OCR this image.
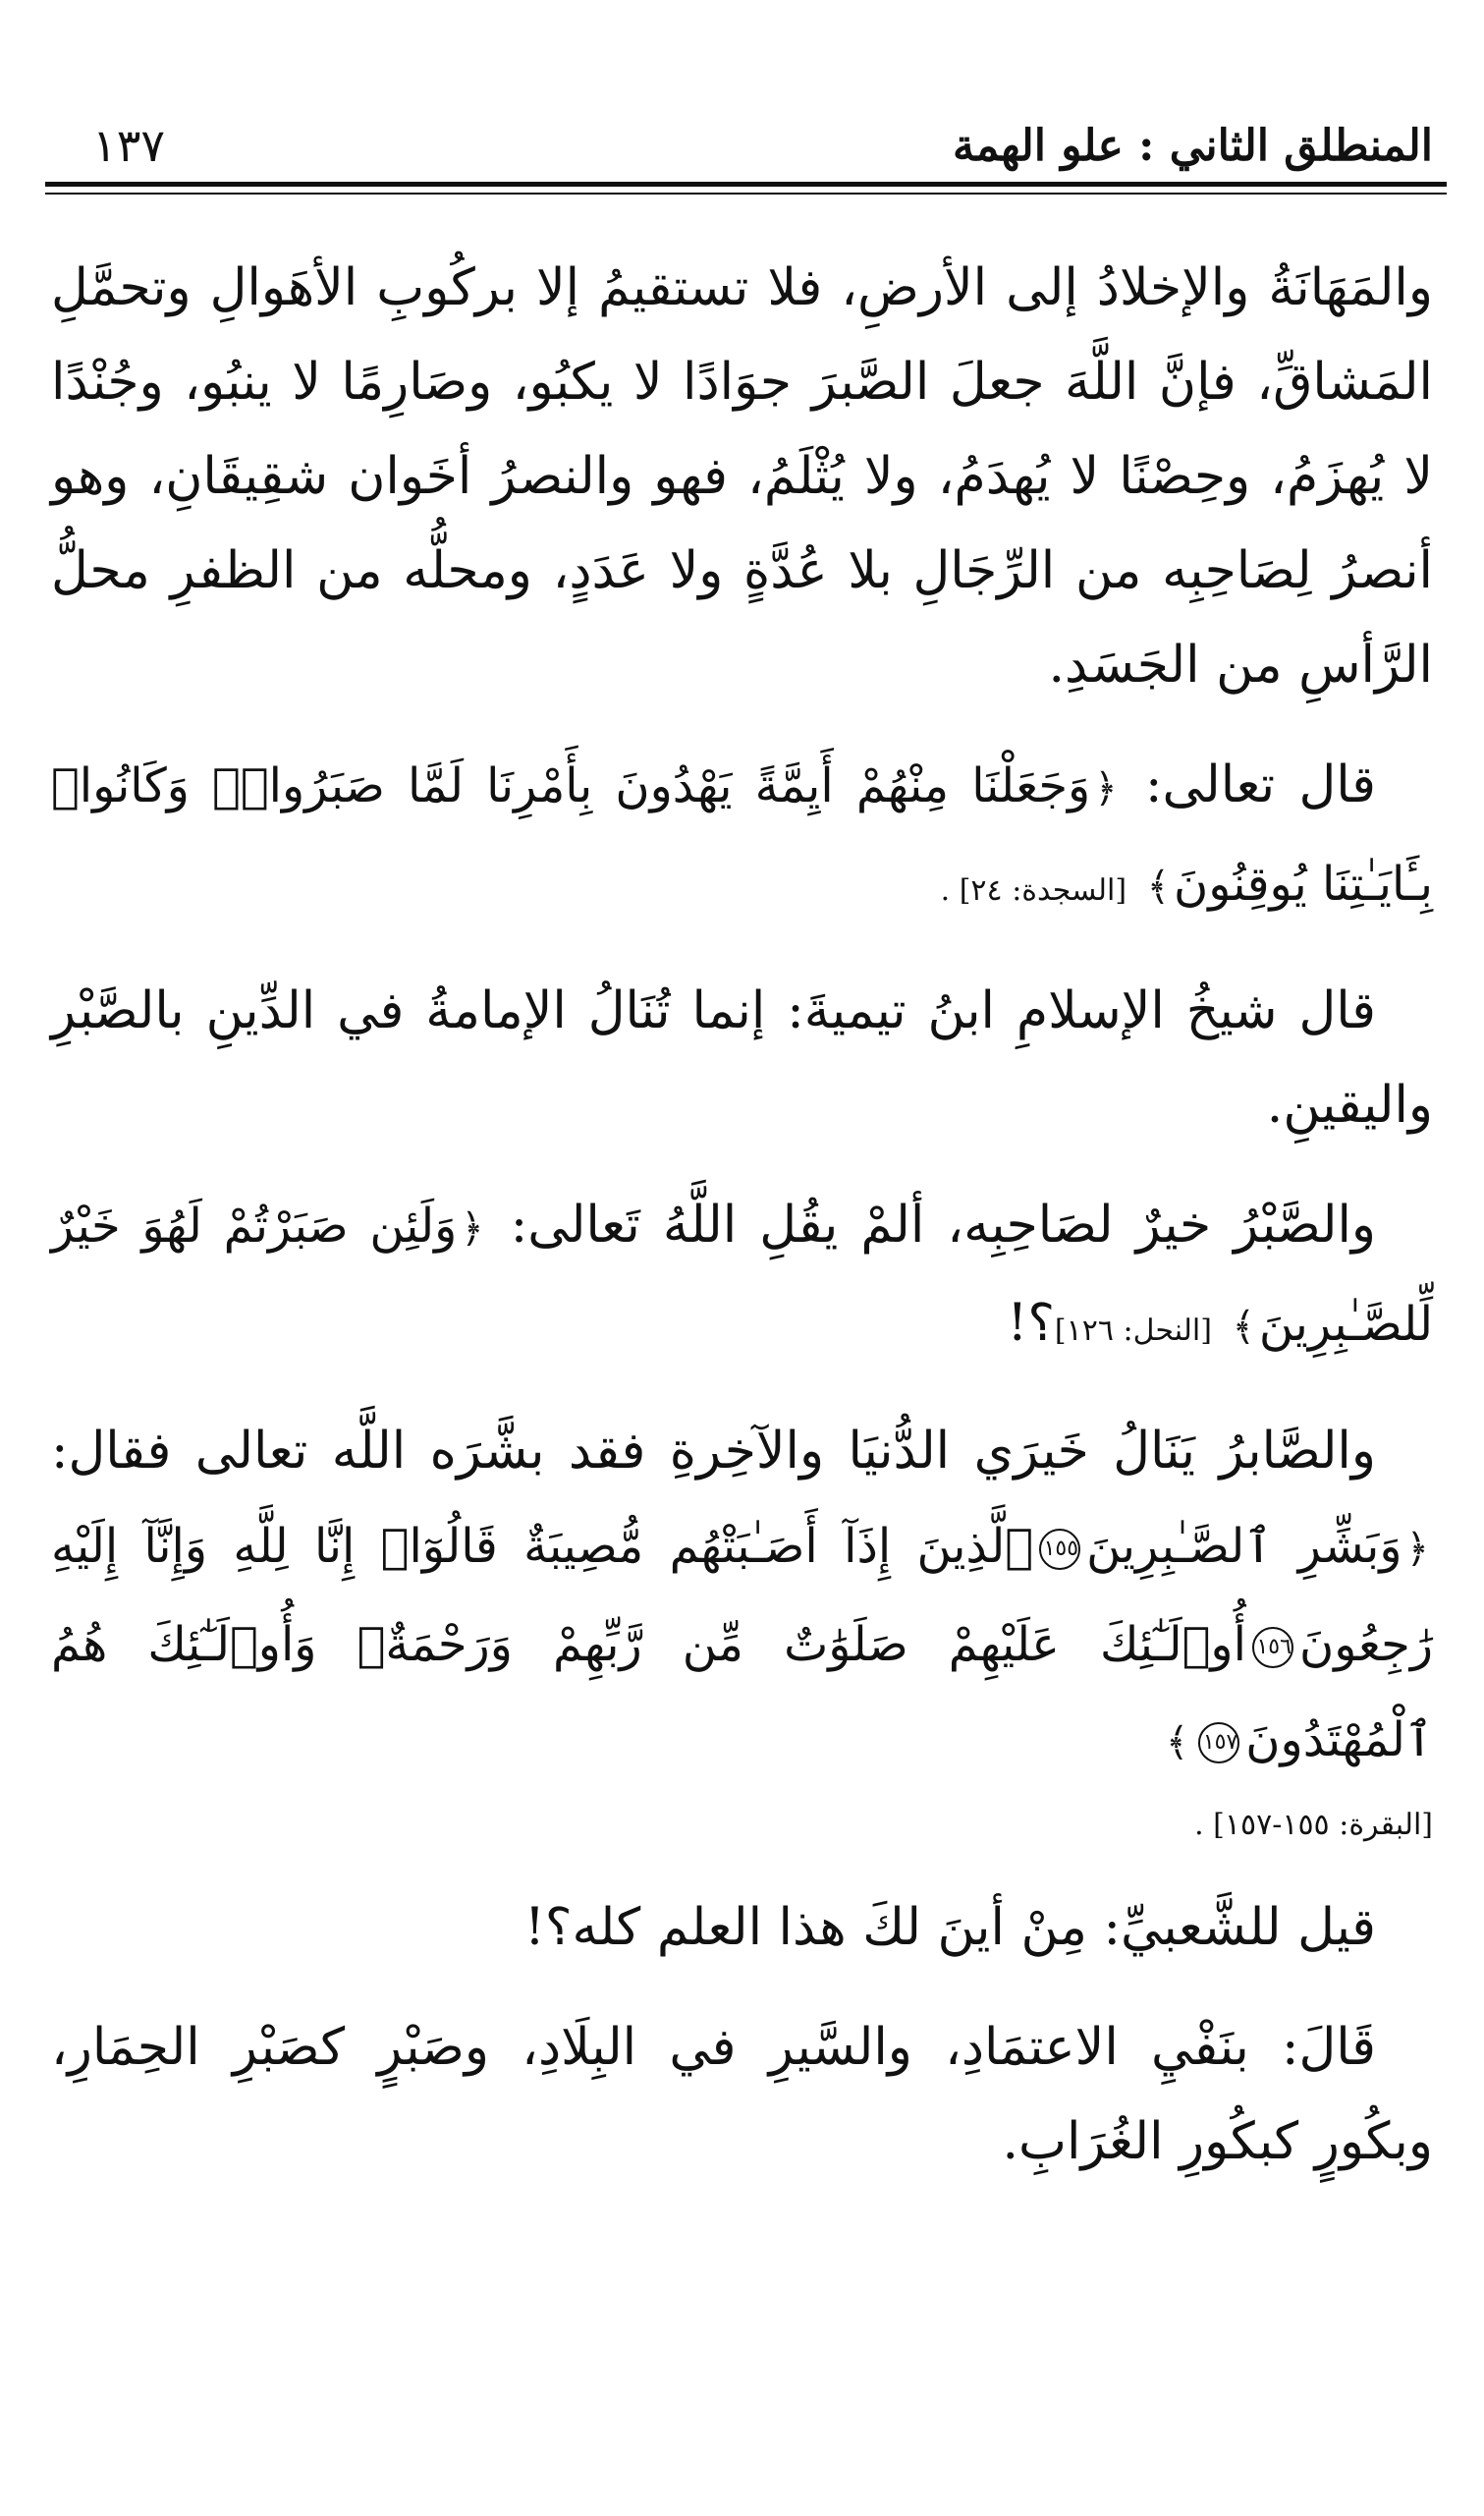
المنطلق الثاني : علو الهمة
١٣٧

والمَهَانَةُ والإخلادُ إلى الأرضِ، فلا تستقيمُ إلا بركُوبِ الأهَوالِ وتحمَّلِ المَشاقِّ، فإنَّ اللَّهَ جعلَ الصَّبرَ جوَادًا لا يكبُو، وصَارِمًا لا ينبُو، وجُنْدًا لا يُهزَمُ، وحِصْنًا لا يُهدَمُ، ولا يُثْلَمُ، فهو والنصرُ أخَوان شقِيقَانِ، وهو أنصرُ لِصَاحِبِه من الرِّجَالِ بلا عُدَّةٍ ولا عَدَدٍ، ومحلُّه من الظفرِ محلُّ الرَّأسِ من الجَسَدِ.

قال تعالى: ﴿وَجَعَلْنَا مِنْهُمْ أَيِمَّةً يَهْدُونَ بِأَمْرِنَا لَمَّا صَبَرُوا۟ۖ وَكَانُوا۟ بِـَٔايَـٰتِنَا يُوقِنُونَ﴾ [السجدة: ٢٤] .

قال شيخُ الإسلامِ ابنُ تيميةَ: إنما تُنَالُ الإمامةُ في الدِّينِ بالصَّبْرِ واليقينِ.

والصَّبْرُ خيرٌ لصَاحِبِه، ألمْ يقُلِ اللَّهُ تَعالى: ﴿وَلَئِن صَبَرْتُمْ لَهُوَ خَيْرٌ لِّلصَّـٰبِرِينَ﴾ [النحل: ١٢٦]؟!

والصَّابرُ يَنَالُ خَيرَي الدُّنيَا والآخِرةِ فقد بشَّرَه اللَّه تعالى فقال: ﴿وَبَشِّرِ ٱلصَّـٰبِرِينَ١٥٥ٱلَّذِينَ إِذَآ أَصَـٰبَتْهُم مُّصِيبَةٌ قَالُوٓا۟ إِنَّا لِلَّهِ وَإِنَّآ إِلَيْهِ رَٰجِعُونَ١٥٦أُو۟لَـٰٓئِكَ عَلَيْهِمْ صَلَوَٰتٌ مِّن رَّبِّهِمْ وَرَحْمَةٌۖ وَأُو۟لَـٰٓئِكَ هُمُ ٱلْمُهْتَدُونَ١٥٧﴾

[البقرة: ١٥٥-١٥٧] .

قيل للشَّعبيِّ: مِنْ أينَ لكَ هذا العلم كله؟!

قَالَ: بنَفْيِ الاعتمَادِ، والسَّيرِ في البِلَادِ، وصَبْرٍ كصَبْرِ الحِمَارِ، وبكُورٍ كبكُورِ الغُرَابِ.
